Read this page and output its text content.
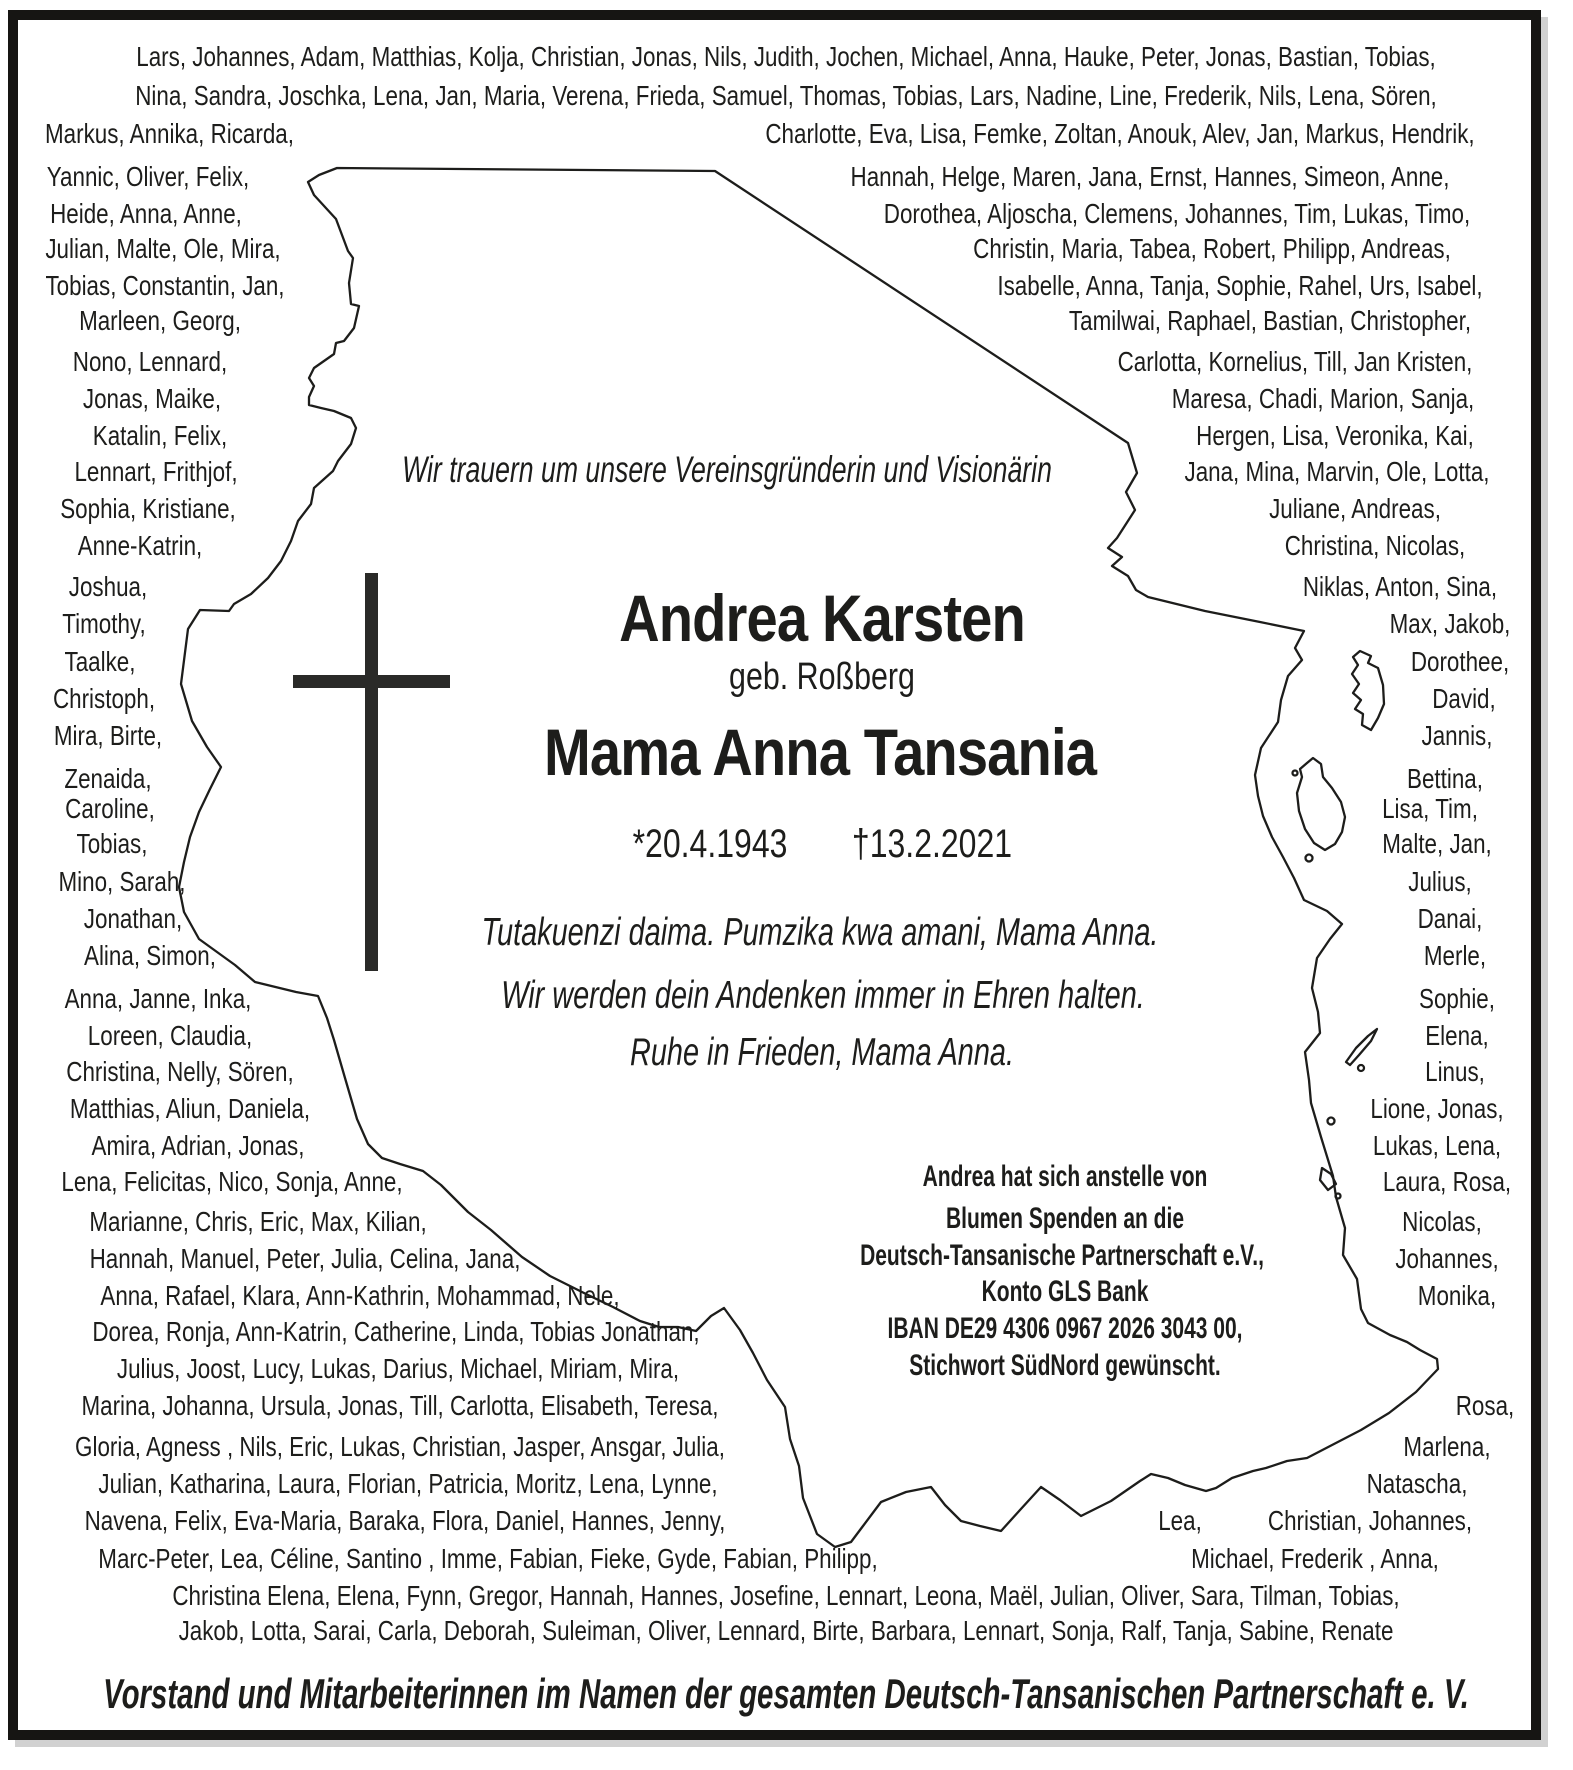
Lars, Johannes, Adam, Matthias, Kolja, Christian, Jonas, Nils, Judith, Jochen, Michael, Anna, Hauke, Peter, Jonas, Bastian, Tobias,
Nina, Sandra, Joschka, Lena, Jan, Maria, Verena, Frieda, Samuel, Thomas, Tobias, Lars, Nadine, Line, Frederik, Nils, Lena, Sören,
Markus, Annika, Ricarda,	Charlotte, Eva, Lisa, Femke, Zoltan, Anouk, Alev, Jan, Markus, Hendrik,
Yannic, Oliver, Felix,
Heide, Anna, Anne,
Julian, Malte, Ole, Mira,
Tobias, Constantin, Jan,
Marleen, Georg,
Nono, Lennard,
Jonas, Maike,
Katalin, Felix,
Lennart, Frithjof,
Sophia, Kristiane,
Anne-Katrin,
Joshua,
Timothy,
Taalke,
Christoph,
Mira, Birte,
Zenaida,
Caroline,
Tobias,
Mino, Sarah,
Jonathan,
Alina, Simon,
Anna, Janne, Inka,
Loreen, Claudia,
Christina, Nelly, Sören,
Matthias, Aliun, Daniela,
Amira, Adrian, Jonas,
Lena, Felicitas, Nico, Sonja, Anne,
Marianne, Chris, Eric, Max, Kilian,
Hannah, Manuel, Peter, Julia, Celina, Jana,
Anna, Rafael, Klara, Ann-Kathrin, Mohammad, Nele,
Dorea, Ronja, Ann-Katrin, Catherine, Linda, Tobias Jonathan,
Julius, Joost, Lucy, Lukas, Darius, Michael, Miriam, Mira,
Marina, Johanna, Ursula, Jonas, Till, Carlotta, Elisabeth, Teresa,
Gloria, Agness , Nils, Eric, Lukas, Christian, Jasper, Ansgar, Julia,
Julian, Katharina, Laura, Florian, Patricia, Moritz, Lena, Lynne,
Navena, Felix, Eva-Maria, Baraka, Flora, Daniel, Hannes, Jenny,
Marc-Peter, Lea, Céline, Santino , Imme, Fabian, Fieke, Gyde, Fabian, Philipp,
Christina Elena, Elena, Fynn, Gregor, Hannah, Hannes, Josefine, Lennart, Leona, Maël, Julian, Oliver, Sara, Tilman, Tobias,
Jakob, Lotta, Sarai, Carla, Deborah, Suleiman, Oliver, Lennard, Birte, Barbara, Lennart, Sonja, Ralf, Tanja, Sabine, Renate
Hannah, Helge, Maren, Jana, Ernst, Hannes, Simeon, Anne,
Dorothea, Aljoscha, Clemens, Johannes, Tim, Lukas, Timo,
Christin, Maria, Tabea, Robert, Philipp, Andreas,
Isabelle, Anna, Tanja, Sophie, Rahel, Urs, Isabel,
Tamilwai, Raphael, Bastian, Christopher,
Carlotta, Kornelius, Till, Jan Kristen,
Maresa, Chadi, Marion, Sanja,
Hergen, Lisa, Veronika, Kai,
Jana, Mina, Marvin, Ole, Lotta,
Juliane, Andreas,
Christina, Nicolas,
Niklas, Anton, Sina,
Max, Jakob,
Dorothee,
David,
Jannis,
Bettina,
Lisa, Tim,
Malte, Jan,
Julius,
Danai,
Merle,
Sophie,
Elena,
Linus,
Lione, Jonas,
Lukas, Lena,
Laura, Rosa,
Nicolas,
Johannes,
Monika,
Rosa,
Marlena,
Natascha,
Lea,	Christian, Johannes,
Michael, Frederik , Anna,
Wir trauern um unsere Vereinsgründerin und Visionärin
Andrea Karsten
geb. Roßberg
Mama Anna Tansania
*20.4.1943	†13.2.2021
Tutakuenzi daima. Pumzika kwa amani, Mama Anna.
Wir werden dein Andenken immer in Ehren halten.
Ruhe in Frieden, Mama Anna.
Andrea hat sich anstelle von
Blumen Spenden an die
Deutsch-Tansanische Partnerschaft e.V.,
Konto GLS Bank
IBAN DE29 4306 0967 2026 3043 00,
Stichwort SüdNord gewünscht.
Vorstand und Mitarbeiterinnen im Namen der gesamten Deutsch-Tansanischen Partnerschaft e. V.
